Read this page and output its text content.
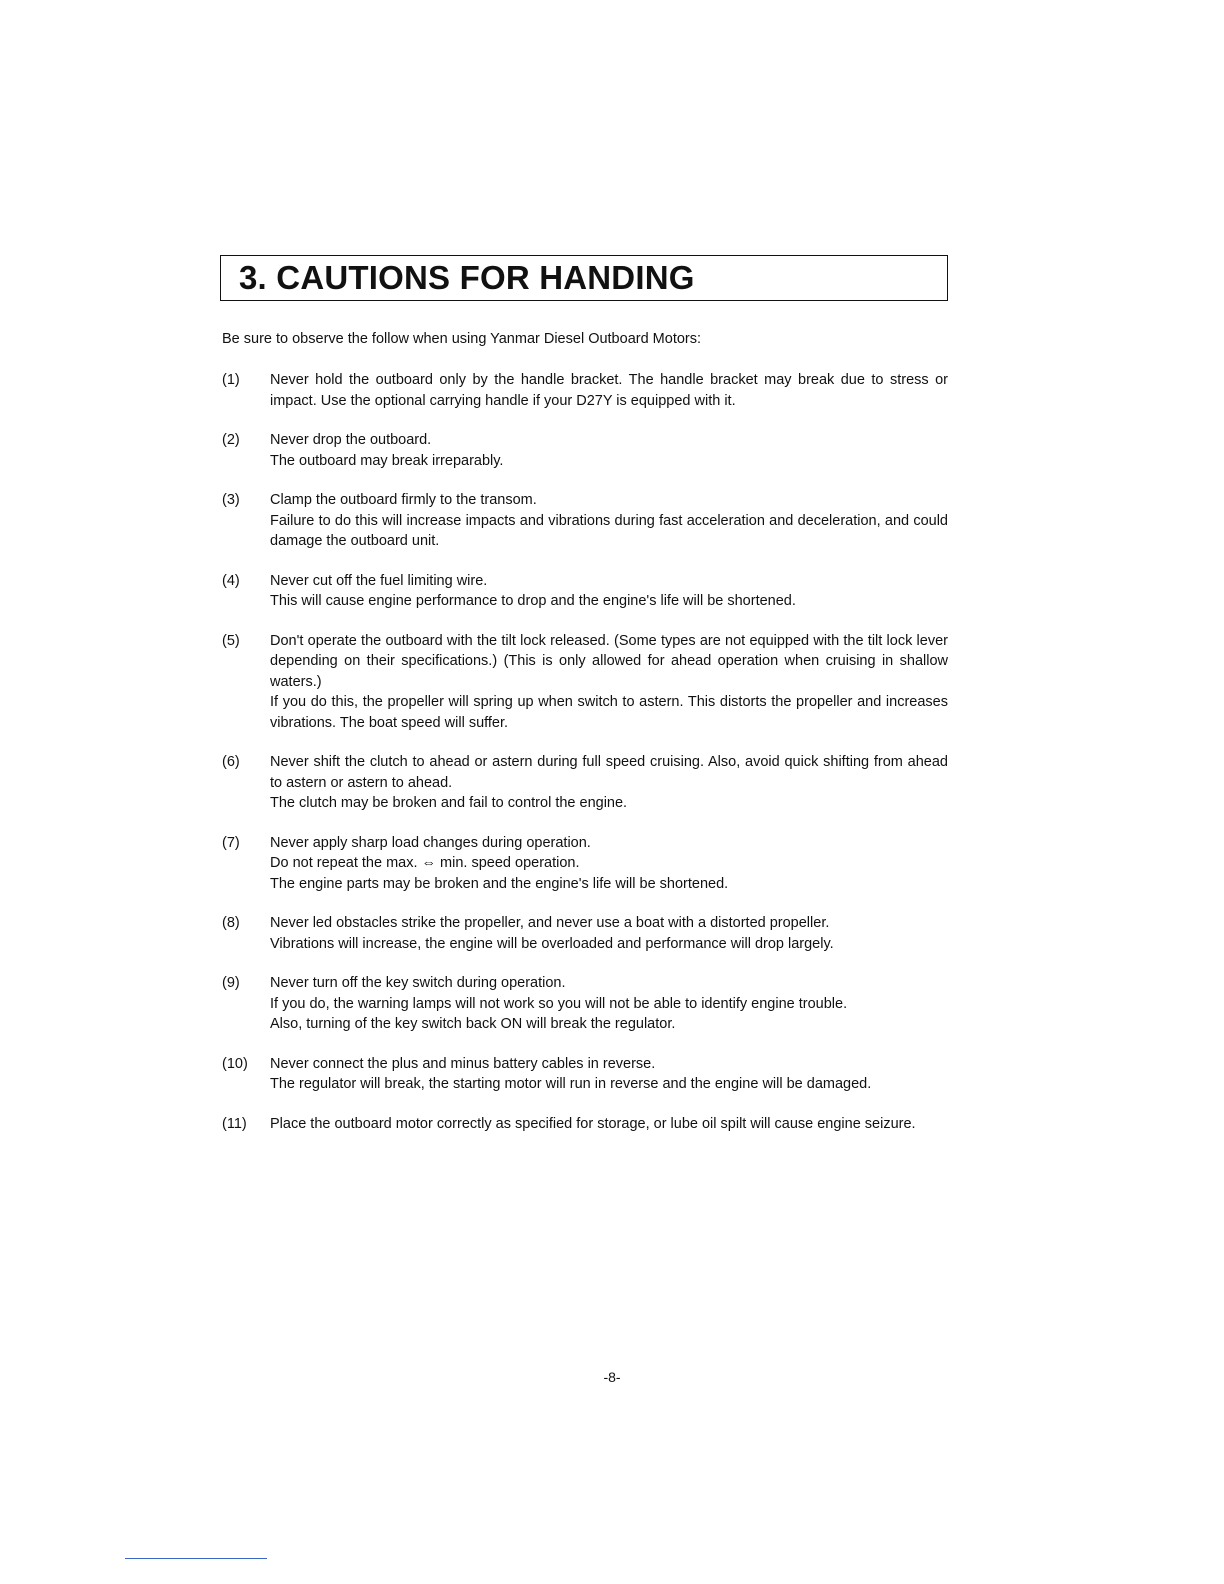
3. CAUTIONS FOR HANDING
Be sure to observe the follow when using Yanmar Diesel Outboard Motors:
(1) Never hold the outboard only by the handle bracket. The handle bracket may break due to stress or impact. Use the optional carrying handle if your D27Y is equipped with it.

(2) Never drop the outboard.

The outboard may break irreparably.

(3) Clamp the outboard firmly to the transom.

Failure to do this will increase impacts and vibrations during fast acceleration and deceleration, and could damage the outboard unit.

(4) Never cut off the fuel limiting wire.

This will cause engine performance to drop and the engine's life will be shortened.

(5) Don't operate the outboard with the tilt lock released. (Some types are not equipped with the tilt lock lever depending on their specifications.) (This is only allowed for ahead operation when cruising in shallow waters.)

If you do this, the propeller will spring up when switch to astern. This distorts the propeller and increases vibrations. The boat speed will suffer.

(6) Never shift the clutch to ahead or astern during full speed cruising. Also, avoid quick shifting from ahead to astern or astern to ahead.

The clutch may be broken and fail to control the engine.

(7) Never apply sharp load changes during operation.

Do not repeat the max. ⇔ min. speed operation.

The engine parts may be broken and the engine's life will be shortened.

(8) Never led obstacles strike the propeller, and never use a boat with a distorted propeller.

Vibrations will increase, the engine will be overloaded and performance will drop largely.

(9) Never turn off the key switch during operation.

If you do, the warning lamps will not work so you will not be able to identify engine trouble.

Also, turning of the key switch back ON will break the regulator.

(10) Never connect the plus and minus battery cables in reverse.

The regulator will break, the starting motor will run in reverse and the engine will be damaged.

(11) Place the outboard motor correctly as specified for storage, or lube oil spilt will cause engine seizure.

-8-
